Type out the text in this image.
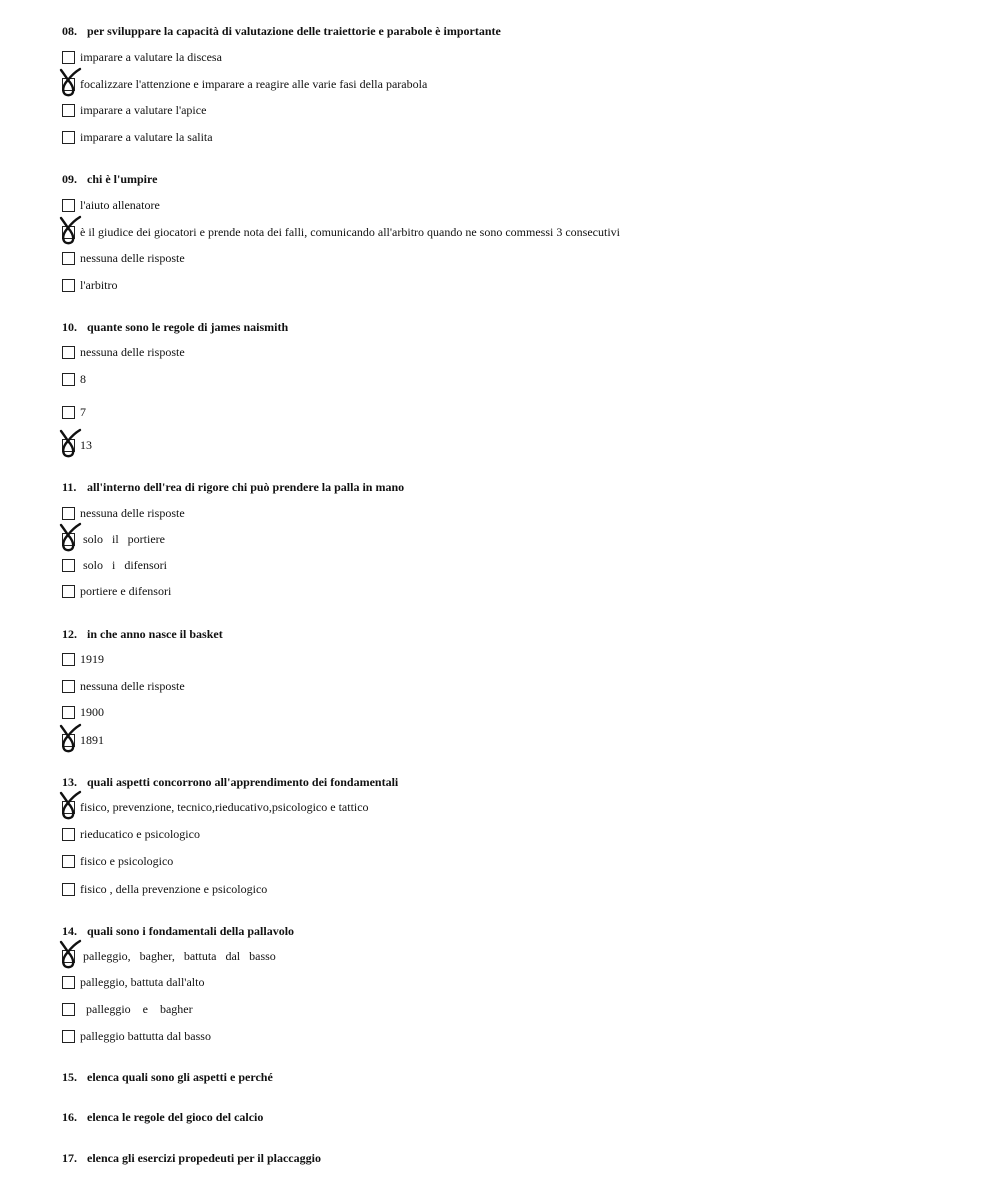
08. per sviluppare la capacità di valutazione delle traiettorie e parabole è importante
imparare a valutare la discesa
focalizzare l'attenzione e imparare a reagire alle varie fasi della parabola
imparare a valutare l'apice
imparare a valutare la salita
09. chi è l'umpire
l'aiuto allenatore
è il giudice dei giocatori e prende nota dei falli, comunicando all'arbitro quando ne sono commessi 3 consecutivi
nessuna delle risposte
l'arbitro
10. quante sono le regole di james naismith
nessuna delle risposte
8
7
13
11. all'interno dell'rea di rigore chi può prendere la palla in mano
nessuna delle risposte
solo   il   portiere
solo   i   difensori
portiere e difensori
12. in che anno nasce il basket
1919
nessuna delle risposte
1900
1891
13. quali aspetti concorrono all'apprendimento dei fondamentali
fisico, prevenzione, tecnico,rieducativo,psicologico e tattico
rieducatico e psicologico
fisico e psicologico
fisico , della prevenzione e psicologico
14. quali sono i fondamentali della pallavolo
palleggio,   bagher,   battuta   dal   basso
palleggio, battuta dall'alto
palleggio    e    bagher
palleggio battutta dal basso
15. elenca quali sono gli aspetti e perché
16. elenca le regole del gioco del calcio
17. elenca gli esercizi propedeuti per il placcaggio
